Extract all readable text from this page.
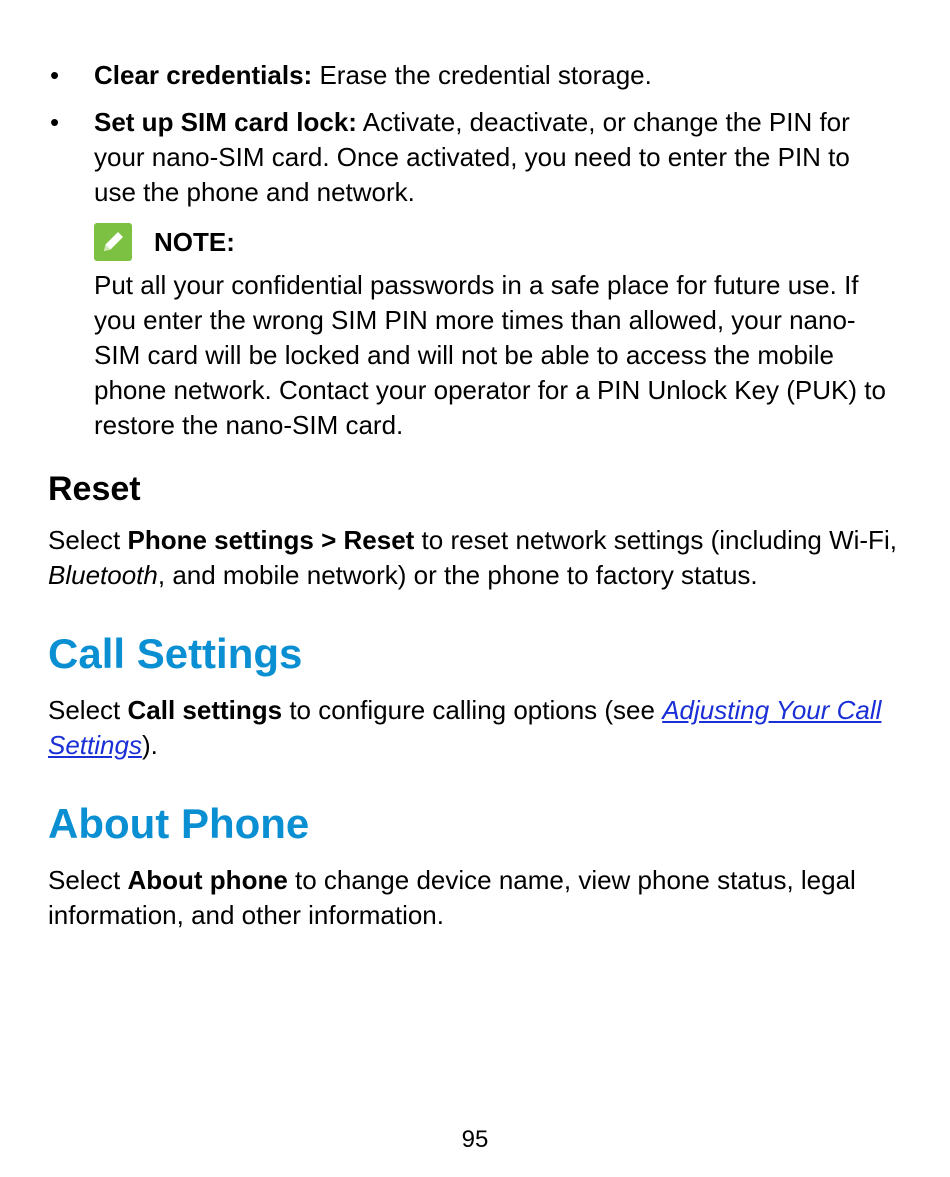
• Clear credentials: Erase the credential storage.
• Set up SIM card lock: Activate, deactivate, or change the PIN for your nano-SIM card. Once activated, you need to enter the PIN to use the phone and network.
NOTE:

Put all your confidential passwords in a safe place for future use. If you enter the wrong SIM PIN more times than allowed, your nano-SIM card will be locked and will not be able to access the mobile phone network. Contact your operator for a PIN Unlock Key (PUK) to restore the nano-SIM card.

Reset

Select Phone settings > Reset to reset network settings (including Wi-Fi, Bluetooth, and mobile network) or the phone to factory status.

Call Settings

Select Call settings to configure calling options (see Adjusting Your Call Settings).

About Phone

Select About phone to change device name, view phone status, legal information, and other information.

95
